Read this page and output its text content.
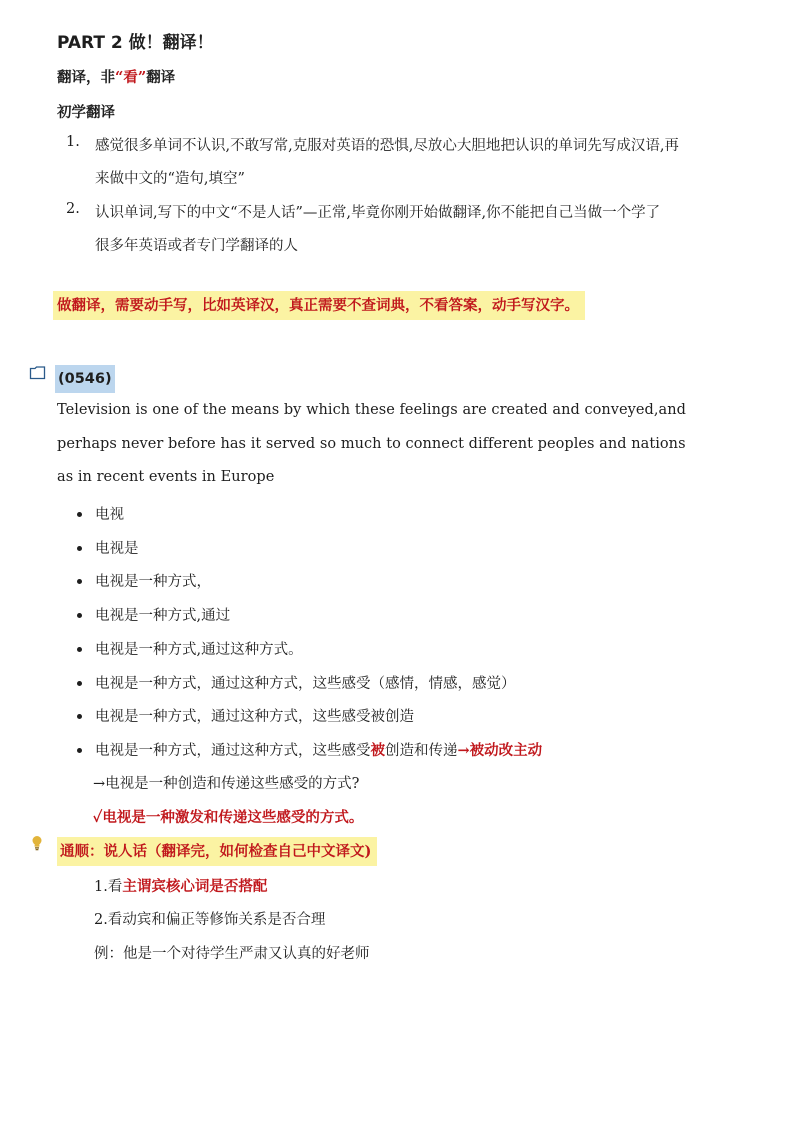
PART 2 做！翻译！
翻译，非“看”翻译
初学翻译
1. 感觉很多单词不认识,不敢写常,克服对英语的恐惧,尽放心大胆地把认识的单词先写成汉语,再
来做中文的“造句,填空”
2. 认识单词,写下的中文“不是人话”—正常,毕竟你刚开始做翻译,你不能把自己当做一个学了
很多年英语或者专门学翻译的人
做翻译，需要动手写，比如英译汉，真正需要不查词典，不看答案，动手写汉字。
(0546)
Television is one of the means by which these feelings are created and conveyed,and
perhaps never before has it served so much to connect different peoples and nations
as in recent events in Europe
电视
电视是
电视是一种方式，
电视是一种方式,通过
电视是一种方式,通过这种方式。
电视是一种方式，通过这种方式，这些感受（感情，情感，感觉）
电视是一种方式，通过这种方式，这些感受被创造
电视是一种方式，通过这种方式，这些感受被创造和传递→被动改主动
→电视是一种创造和传递这些感受的方式?
✓电视是一种激发和传递这些感受的方式。
通顺：说人话（翻译完，如何检查自己中文译文)
1.看主谓宾核心词是否搭配
2.看动宾和偏正等修饰关系是否合理
例：他是一个对待学生严肃又认真的好老师
